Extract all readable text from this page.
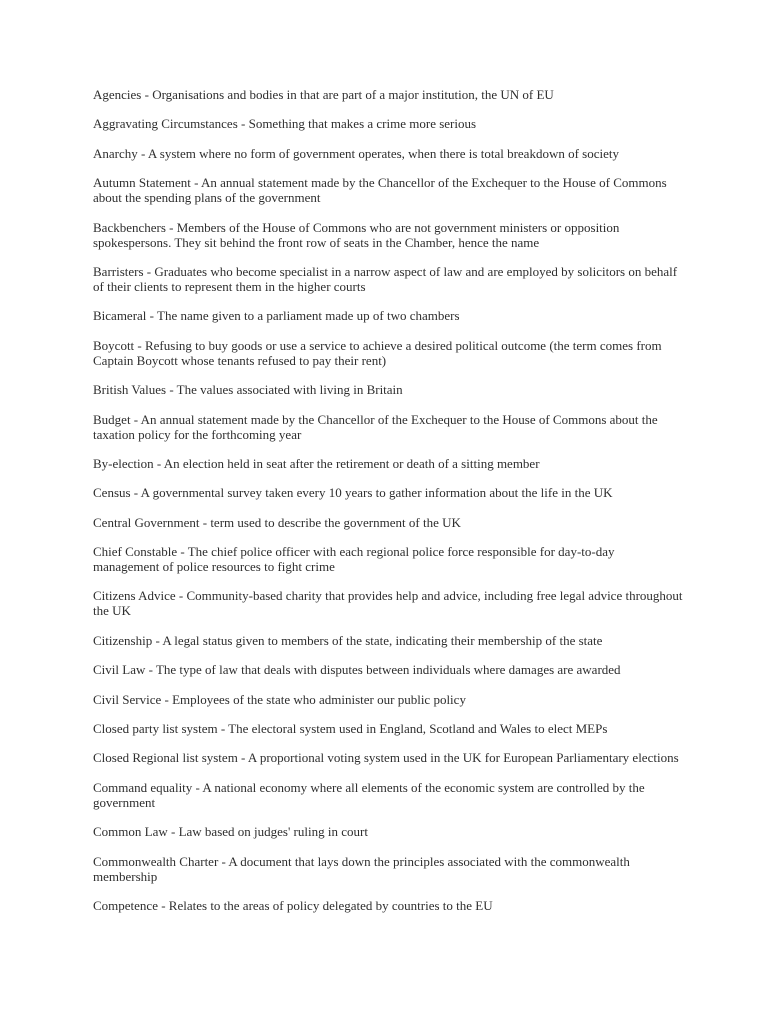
Agencies - Organisations and bodies in that are part of a major institution, the UN of EU
Aggravating Circumstances - Something that makes a crime more serious
Anarchy - A system where no form of government operates, when there is total breakdown of society
Autumn Statement - An annual statement made by the Chancellor of the Exchequer to the House of Commons about the spending plans of the government
Backbenchers - Members of the House of Commons who are not government ministers or opposition spokespersons. They sit behind the front row of seats in the Chamber, hence the name
Barristers - Graduates who become specialist in a narrow aspect of law and are employed by solicitors on behalf of their clients to represent them in the higher courts
Bicameral - The name given to a parliament made up of two chambers
Boycott - Refusing to buy goods or use a service to achieve a desired political outcome (the term comes from Captain Boycott whose tenants refused to pay their rent)
British Values - The values associated with living in Britain
Budget - An annual statement made by the Chancellor of the Exchequer to the House of Commons about the taxation policy for the forthcoming year
By-election - An election held in seat after the retirement or death of a sitting member
Census - A governmental survey taken every 10 years to gather information about the life in the UK
Central Government - term used to describe the government of the UK
Chief Constable - The chief police officer with each regional police force responsible for day-to-day management of police resources to fight crime
Citizens Advice - Community-based charity that provides help and advice, including free legal advice throughout the UK
Citizenship - A legal status given to members of the state, indicating their membership of the state
Civil Law - The type of law that deals with disputes between individuals where damages are awarded
Civil Service - Employees of the state who administer our public policy
Closed party list system - The electoral system used in England, Scotland and Wales to elect MEPs
Closed Regional list system - A proportional voting system used in the UK for European Parliamentary elections
Command equality - A national economy where all elements of the economic system are controlled by the government
Common Law - Law based on judges' ruling in court
Commonwealth Charter - A document that lays down the principles associated with the commonwealth membership
Competence - Relates to the areas of policy delegated by countries to the EU
